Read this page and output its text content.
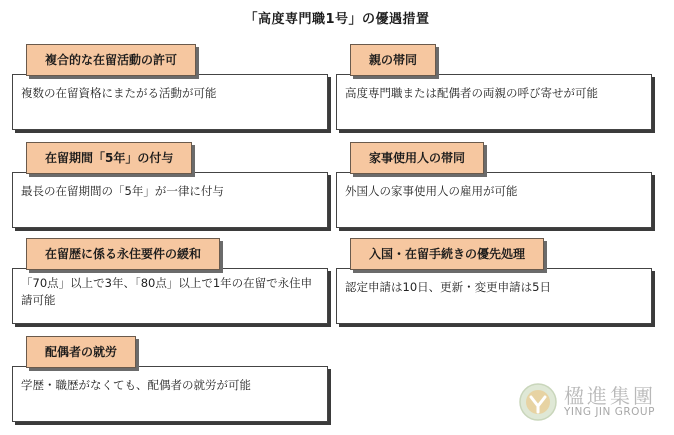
「高度専門職1号」の優遇措置
複数の在留資格にまたがる活動が可能
複合的な在留活動の許可
最長の在留期間の「5年」が一律に付与
在留期間「5年」の付与
「70点」以上で3年、「80点」以上で1年の在留で永住申請可能
在留歴に係る永住要件の緩和
学歴・職歴がなくても、配偶者の就労が可能
配偶者の就労
高度専門職または配偶者の両親の呼び寄せが可能
親の帯同
外国人の家事使用人の雇用が可能
家事使用人の帯同
認定申請は10日、更新・変更申請は5日
入国・在留手続きの優先処理
楹進集團
YING JIN GROUP
